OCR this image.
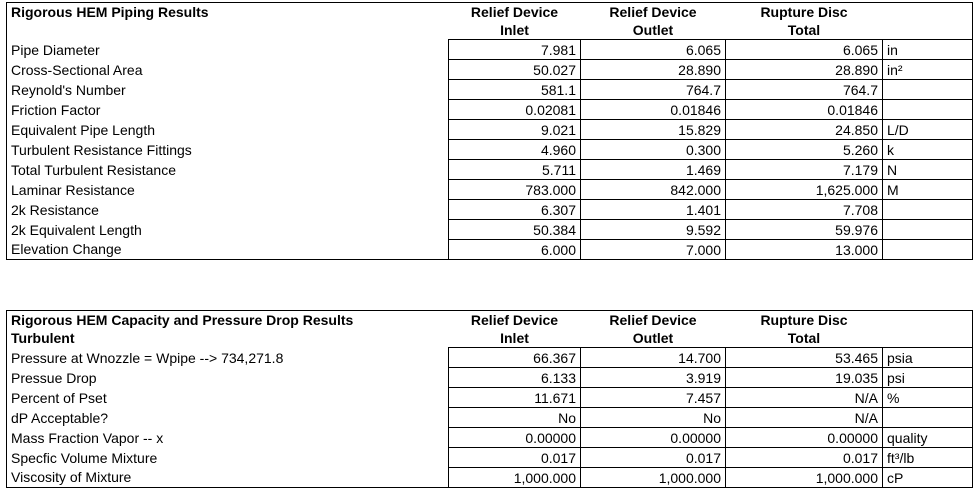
Rigorous HEM Piping Results	Relief Device	Relief Device	Rupture Disc	
	Inlet	Outlet	Total	
Pipe Diameter	7.981	6.065	6.065	in
Cross-Sectional Area	50.027	28.890	28.890	in²
Reynold's Number	581.1	764.7	764.7	
Friction Factor	0.02081	0.01846	0.01846	
Equivalent Pipe Length	9.021	15.829	24.850	L/D
Turbulent Resistance Fittings	4.960	0.300	5.260	k
Total Turbulent Resistance	5.711	1.469	7.179	N
Laminar Resistance	783.000	842.000	1,625.000	M
2k Resistance	6.307	1.401	7.708	
2k Equivalent Length	50.384	9.592	59.976	
Elevation Change	6.000	7.000	13.000	
Rigorous HEM Capacity and Pressure Drop Results	Relief Device	Relief Device	Rupture Disc	
Turbulent	Inlet	Outlet	Total	
Pressure at Wnozzle = Wpipe --> 734,271.8	66.367	14.700	53.465	psia
Pressue Drop	6.133	3.919	19.035	psi
Percent of Pset	11.671	7.457	N/A	%
dP Acceptable?	No	No	N/A	
Mass Fraction Vapor -- x	0.00000	0.00000	0.00000	quality
Specfic Volume Mixture	0.017	0.017	0.017	ft³/lb
Viscosity of Mixture	1,000.000	1,000.000	1,000.000	cP
